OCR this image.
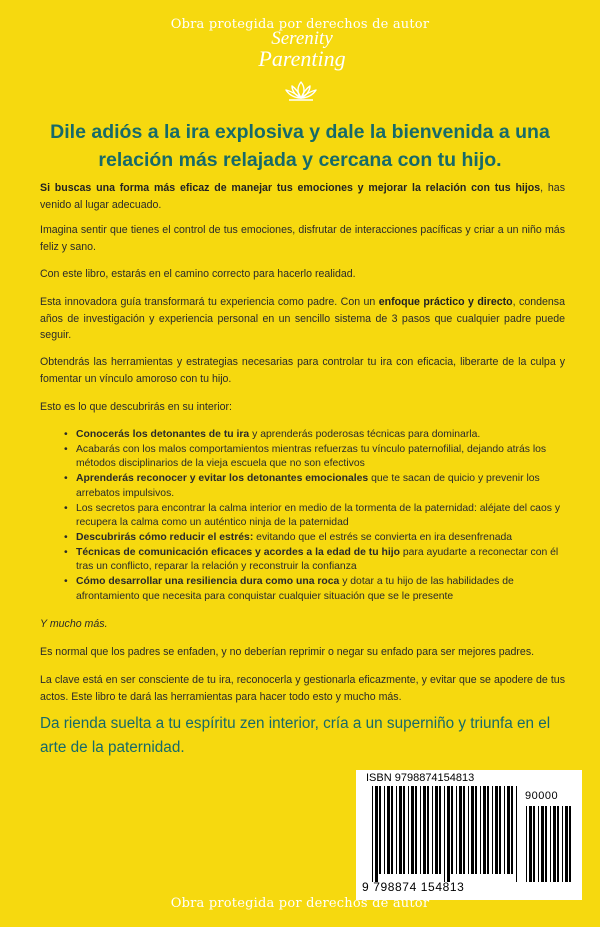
Obra protegida por derechos de autor
Serenity
Parenting
Dile adiós a la ira explosiva y dale la bienvenida a una relación más relajada y cercana con tu hijo.
Si buscas una forma más eficaz de manejar tus emociones y mejorar la relación con tus hijos, has venido al lugar adecuado.
Imagina sentir que tienes el control de tus emociones, disfrutar de interacciones pacíficas y criar a un niño más feliz y sano.
Con este libro, estarás en el camino correcto para hacerlo realidad.
Esta innovadora guía transformará tu experiencia como padre. Con un enfoque práctico y directo, condensa años de investigación y experiencia personal en un sencillo sistema de 3 pasos que cualquier padre puede seguir.
Obtendrás las herramientas y estrategias necesarias para controlar tu ira con eficacia, liberarte de la culpa y fomentar un vínculo amoroso con tu hijo.
Esto es lo que descubrirás en su interior:
• Conocerás los detonantes de tu ira y aprenderás poderosas técnicas para dominarla.
• Acabarás con los malos comportamientos mientras refuerzas tu vínculo paternofilial, dejando atrás los métodos disciplinarios de la vieja escuela que no son efectivos
• Aprenderás reconocer y evitar los detonantes emocionales que te sacan de quicio y prevenir los arrebatos impulsivos.
• Los secretos para encontrar la calma interior en medio de la tormenta de la paternidad: aléjate del caos y recupera la calma como un auténtico ninja de la paternidad
• Descubrirás cómo reducir el estrés: evitando que el estrés se convierta en ira desenfrenada
• Técnicas de comunicación eficaces y acordes a la edad de tu hijo para ayudarte a reconectar con él tras un conflicto, reparar la relación y reconstruir la confianza
• Cómo desarrollar una resiliencia dura como una roca y dotar a tu hijo de las habilidades de afrontamiento que necesita para conquistar cualquier situación que se le presente
Y mucho más.
Es normal que los padres se enfaden, y no deberían reprimir o negar su enfado para ser mejores padres.
La clave está en ser consciente de tu ira, reconocerla y gestionarla eficazmente, y evitar que se apodere de tus actos. Este libro te dará las herramientas para hacer todo esto y mucho más.
Da rienda suelta a tu espíritu zen interior, cría a un superniño y triunfa en el arte de la paternidad.
ISBN 9798874154813
90000
9 798874 154813
Obra protegida por derechos de autor
